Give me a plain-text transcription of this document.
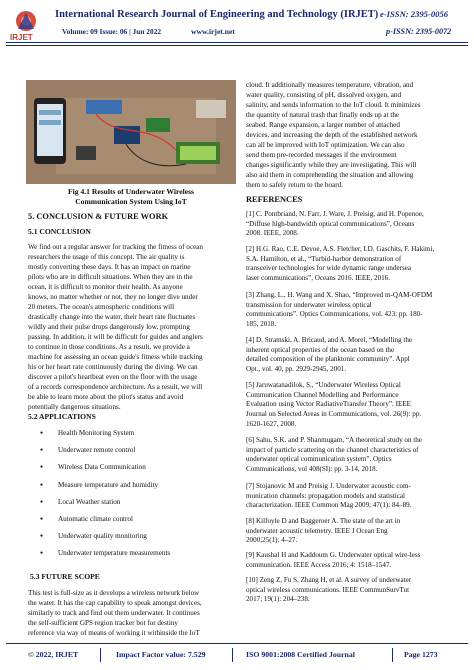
IRJET
International Research Journal of Engineering and Technology (IRJET) e-ISSN: 2395-0056
Volume: 09 Issue: 06 | Jun 2022	www.irjet.net	p-ISSN: 2395-0072
Fig 4.1 Results of Underwater Wireless
Communication System Using IoT
5. CONCLUSION & FUTURE WORK
5.1 CONCLUSION
We find out a regular answer for tracking the fitness of ocean
researchers the usage of this concept. The air quality is
mostly converting these days. It has an impact on marine
pilots who are in difficult situations. When they are in the
ocean, it is difficult to monitor their health. As anyone
knows, no matter whether or not, they no longer dive under
20 meters. The ocean's atmospheric conditions will
drastically change into the water, their heart rate fluctuates
wildly and their pulse drops dangerously low, prompting
passing. In addition, it will be difficult for guides and anglers
to continue in those conditions. As a result, we provide a
machine for assessing an ocean guide's fitness while tracking
his or her heart rate continuously during the diving. We can
discover a pilot's heartbeat even on the floor with the usage
of a records correspondence architecture. As a result, we will
be able to learn more about the pilot's status and avoid
potentially dangerous situations.
5.2 APPLICATIONS
● Health Monitoring System
● Underwater remote control
● Wireless Data Communication
● Measure temperature and humidity
● Local Weather station
● Automatic climate control
● Underwater quality monitoring
● Underwater temperature measurements
5.3 FUTURE SCOPE
This test is full-size as it develops a wireless network below
the water. It has the cap capability to speak amongst devices,
similarly to track and find out them underwater. It continues
the self-sufficient GPS region tracker bot for destiny
reference via way of means of working it withinside the IoT
cloud. It additionally measures temperature, vibration, and
water quality, consisting of pH, dissolved oxygen, and
salinity, and sends information to the IoT cloud. It minimizes
the quantity of natural trash that finally ends up at the
seabed. Range expansion, a larger number of attached
devices, and increasing the depth of the established network
can all be improved with IoT optimization. We can also
send them pre-recorded messages if the environment
changes significantly while they are investigating. This will
also aid them in comprehending the situation and allowing
them to safely return to the board.
REFERENCES
[1] C. Pontbriand, N. Farr, J. Ware, J. Preisig, and H. Popenoe,
“Diffuse high-bandwidth optical communications”, Oceans
2008. IEEE, 2008.
[2] H.G. Rao, C.E. Devoe, A.S. Fletcher, I.D. Gaschits, F. Hakimi,
S.A. Hamilton, et al., “Turbid-harbor demonstration of
transceiver technologies for wide dynamic range undersea
laser communications”, Oceans 2016. IEEE, 2016.
[3] Zhang, L., H. Wang and X. Shao, “Improved m-QAM-OFDM
transmission for underwater wireless optical
communications”. Optics Communications, vol. 423: pp. 180-
185, 2018.
[4] D. Stramski, A. Bricaud, and A. Morel, “Modelling the
inherent optical properties of the ocean based on the
detailed composition of the planktonic community”. Appl
Opt., vol. 40, pp. 2929-2945, 2001.
[5] Jaruwatanadilok, S., “Underwater Wireless Optical
Communication Channel Modelling and Performance
Evaluation using Vector RadiativeTransfer Theory”. IEEE
Journal on Selected Areas in Communications, vol. 26(9): pp.
1620-1627, 2008.
[6] Sahu, S.K. and P. Shanmugam, “A theoretical study on the
impact of particle scattering on the channel characteristics of
underwater optical communication system”, Optics
Communications, vol 408(SI): pp. 3-14, 2018.
[7] Stojanovic M and Preisig J. Underwater acoustic com-
munication channels: propagation models and statistical
characterization. IEEE Common Mag 2009; 47(1): 84–89.
[8] Kilfoyle D and Baggeroer A. The state of the art in
underwater acoustic telemetry. IEEE J Ocean Eng
2000;25(1): 4–27.
[9] Kaushal H and Kaddoum G. Underwater optical wire-less
communication. IEEE Access 2016; 4: 1518–1547.
[10] Zeng Z, Fu S, Zhang H, et al. A survey of underwater
optical wireless communications. IEEE CommunSurvTut
2017; 19(1): 204–238.
© 2022, IRJET	Impact Factor value: 7.529	ISO 9001:2008 Certified Journal	Page 1273
